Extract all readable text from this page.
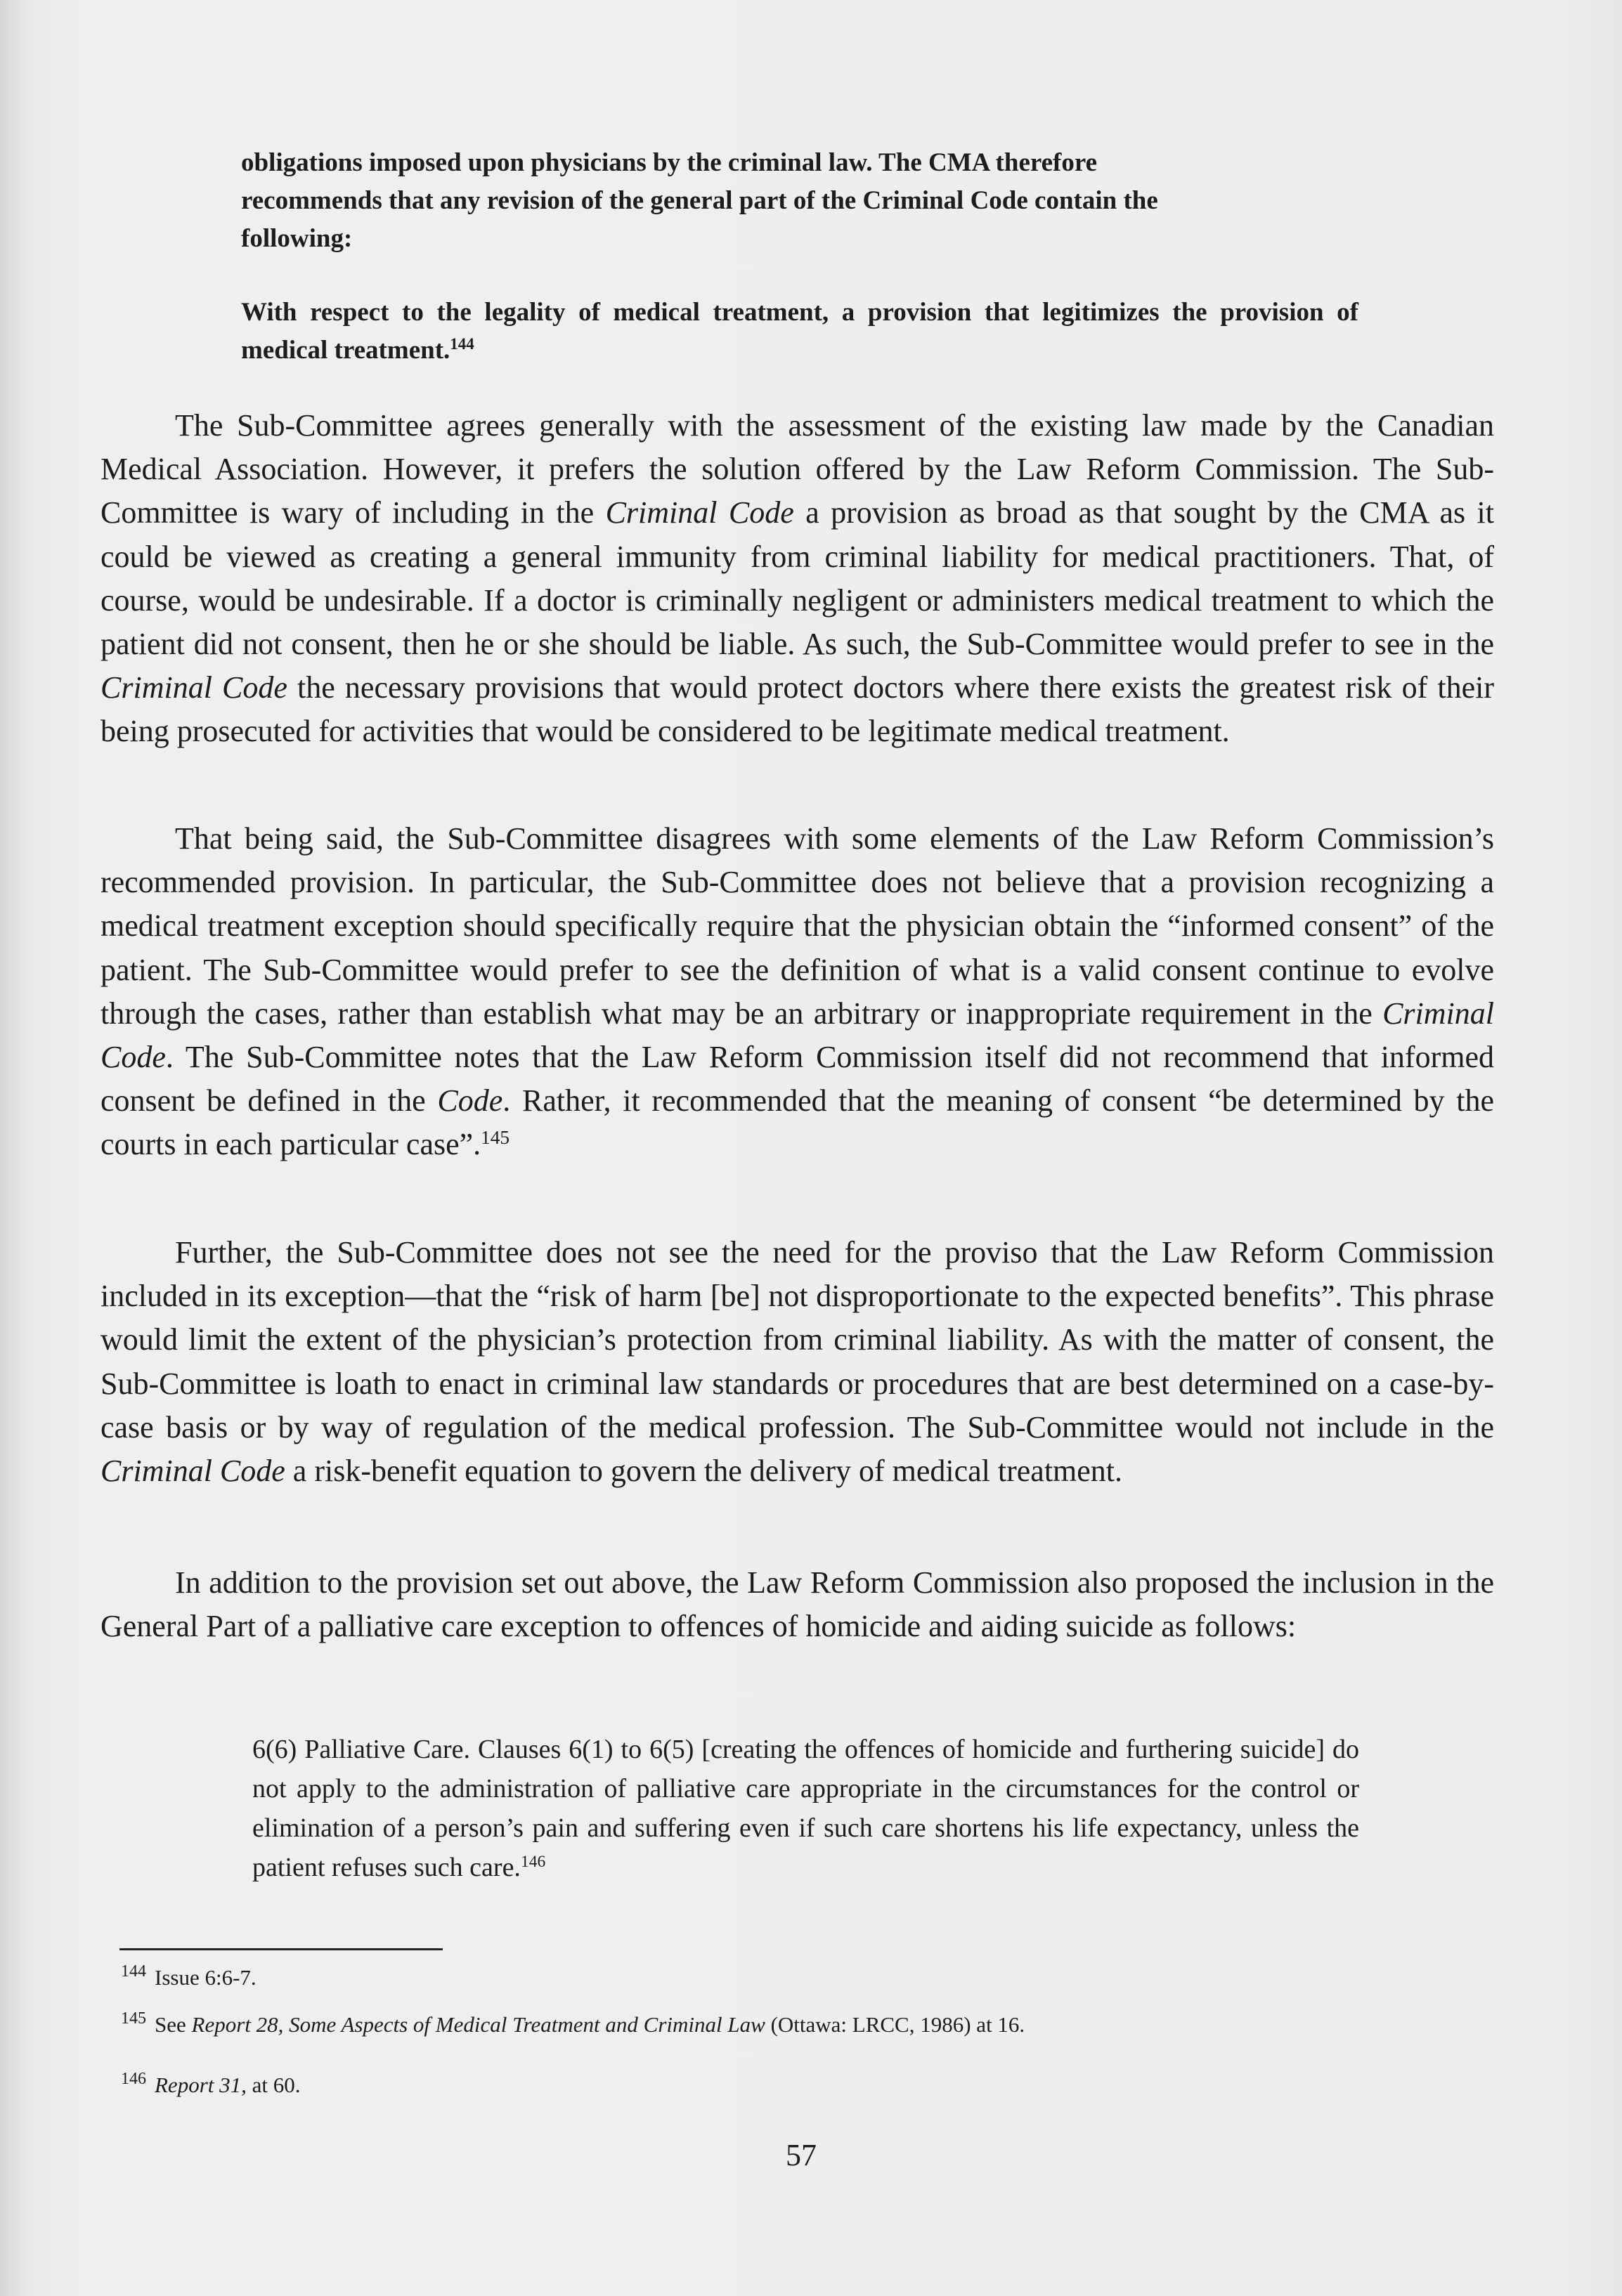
obligations imposed upon physicians by the criminal law. The CMA therefore
recommends that any revision of the general part of the Criminal Code contain the
following:
With respect to the legality of medical treatment, a provision that legitimizes the provision of medical treatment.$^{144}$
The Sub-Committee agrees generally with the assessment of the existing law made by the Canadian Medical Association. However, it prefers the solution offered by the Law Reform Commission. The Sub-Committee is wary of including in the Criminal Code a provision as broad as that sought by the CMA as it could be viewed as creating a general immunity from criminal liability for medical practitioners. That, of course, would be undesirable. If a doctor is criminally negligent or administers medical treatment to which the patient did not consent, then he or she should be liable. As such, the Sub-Committee would prefer to see in the Criminal Code the necessary provisions that would protect doctors where there exists the greatest risk of their being prosecuted for activities that would be considered to be legitimate medical treatment.
That being said, the Sub-Committee disagrees with some elements of the Law Reform Commission’s recommended provision. In particular, the Sub-Committee does not believe that a provision recognizing a medical treatment exception should specifically require that the physician obtain the “informed consent” of the patient. The Sub-Committee would prefer to see the definition of what is a valid consent continue to evolve through the cases, rather than establish what may be an arbitrary or inappropriate requirement in the Criminal Code. The Sub-Committee notes that the Law Reform Commission itself did not recommend that informed consent be defined in the Code. Rather, it recommended that the meaning of consent “be determined by the courts in each particular case”.$^{145}$
Further, the Sub-Committee does not see the need for the proviso that the Law Reform Commission included in its exception—that the “risk of harm [be] not disproportionate to the expected benefits”. This phrase would limit the extent of the physician’s protection from criminal liability. As with the matter of consent, the Sub-Committee is loath to enact in criminal law standards or procedures that are best determined on a case-by-case basis or by way of regulation of the medical profession. The Sub-Committee would not include in the Criminal Code a risk-benefit equation to govern the delivery of medical treatment.
In addition to the provision set out above, the Law Reform Commission also proposed the inclusion in the General Part of a palliative care exception to offences of homicide and aiding suicide as follows:
6(6) Palliative Care. Clauses 6(1) to 6(5) [creating the offences of homicide and furthering suicide] do not apply to the administration of palliative care appropriate in the circumstances for the control or elimination of a person’s pain and suffering even if such care shortens his life expectancy, unless the patient refuses such care.$^{146}$
$^{144}$ Issue 6:6-7.
$^{145}$ See Report 28, Some Aspects of Medical Treatment and Criminal Law (Ottawa: LRCC, 1986) at 16.
$^{146}$ Report 31, at 60.
57
